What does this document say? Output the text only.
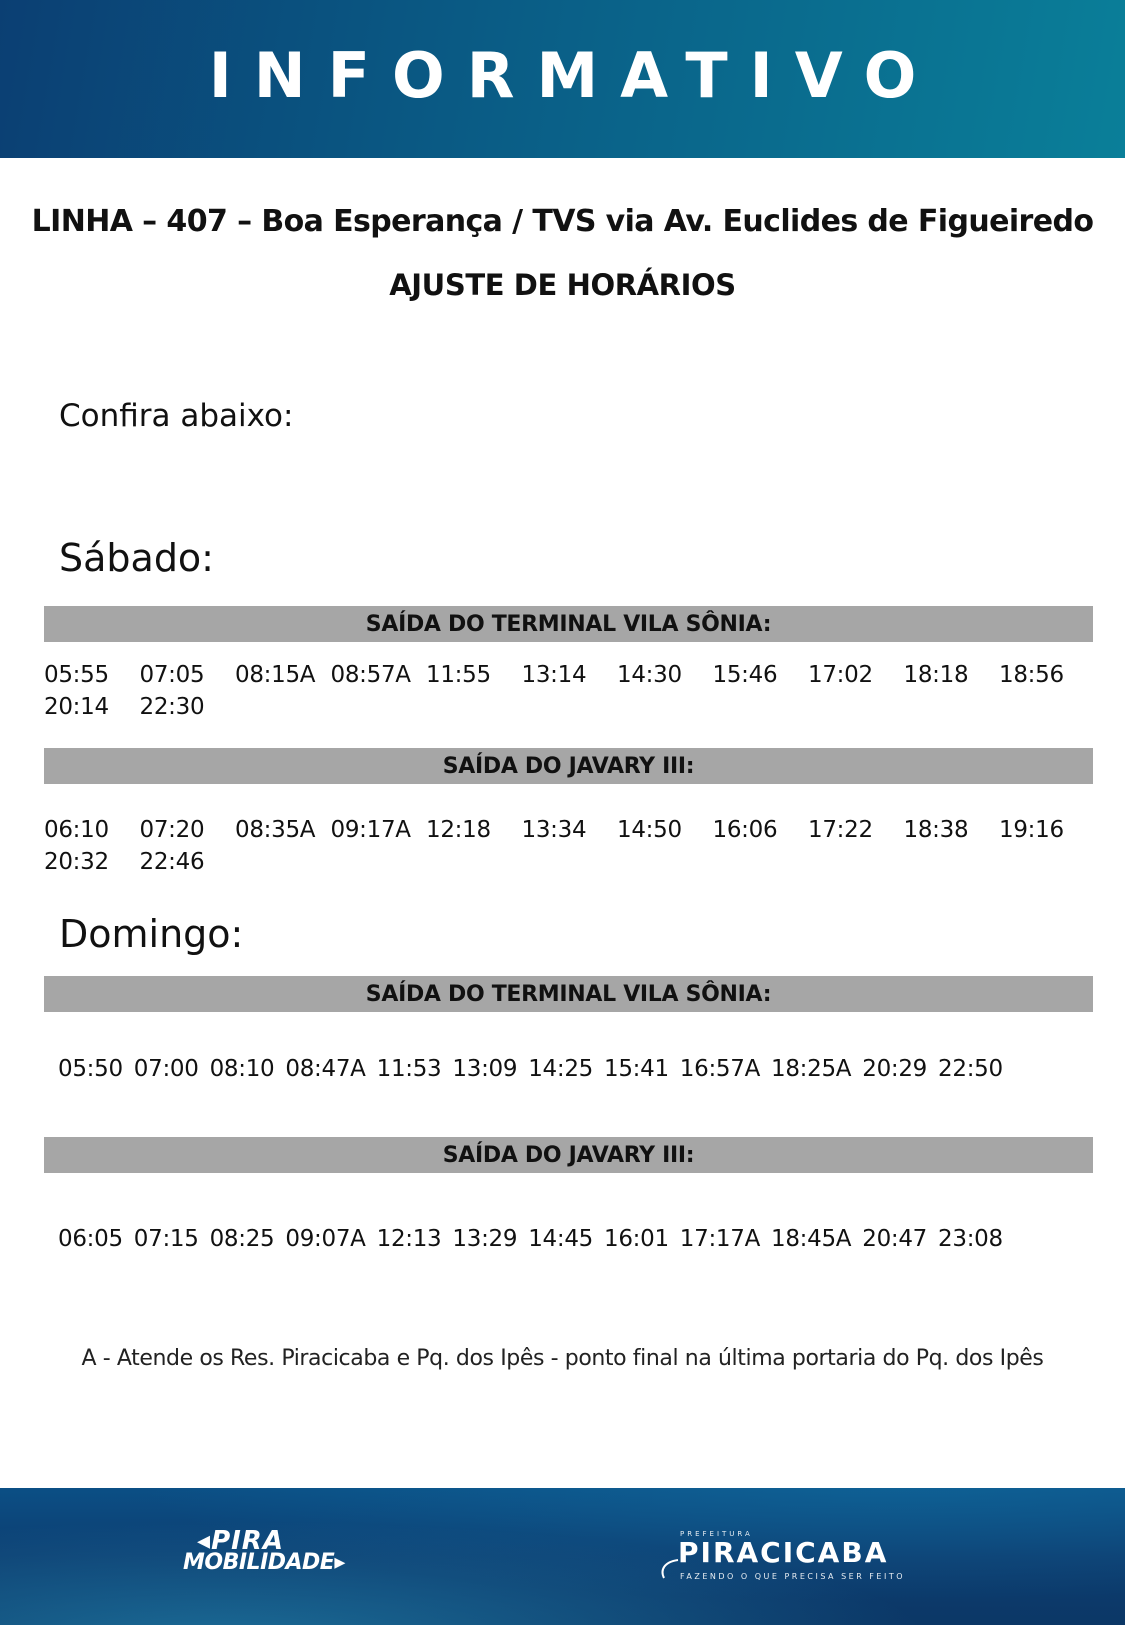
INFORMATIVO
LINHA – 407 – Boa Esperança / TVS via Av. Euclides de Figueiredo
AJUSTE DE HORÁRIOS
Confira abaixo:
Sábado:
SAÍDA DO TERMINAL VILA SÔNIA:
05:55	07:05	08:15A 08:57A 11:55	13:14	14:30	15:46	17:02	18:18	18:56
20:14	22:30
SAÍDA DO JAVARY III:
06:10	07:20	08:35A 09:17A 12:18	13:34	14:50	16:06	17:22	18:38	19:16
20:32	22:46
Domingo:
SAÍDA DO TERMINAL VILA SÔNIA:
05:50 07:00 08:10 08:47A 11:53 13:09 14:25 15:41 16:57A 18:25A 20:29 22:50
SAÍDA DO JAVARY III:
06:05 07:15 08:25 09:07A 12:13 13:29 14:45 16:01 17:17A 18:45A 20:47 23:08
A - Atende os Res. Piracicaba e Pq. dos Ipês - ponto final na última portaria do Pq. dos Ipês
◂PIRA
MOBILIDADE▸
PREFEITURA
PIRACICABA
FAZENDO O QUE PRECISA SER FEITO
